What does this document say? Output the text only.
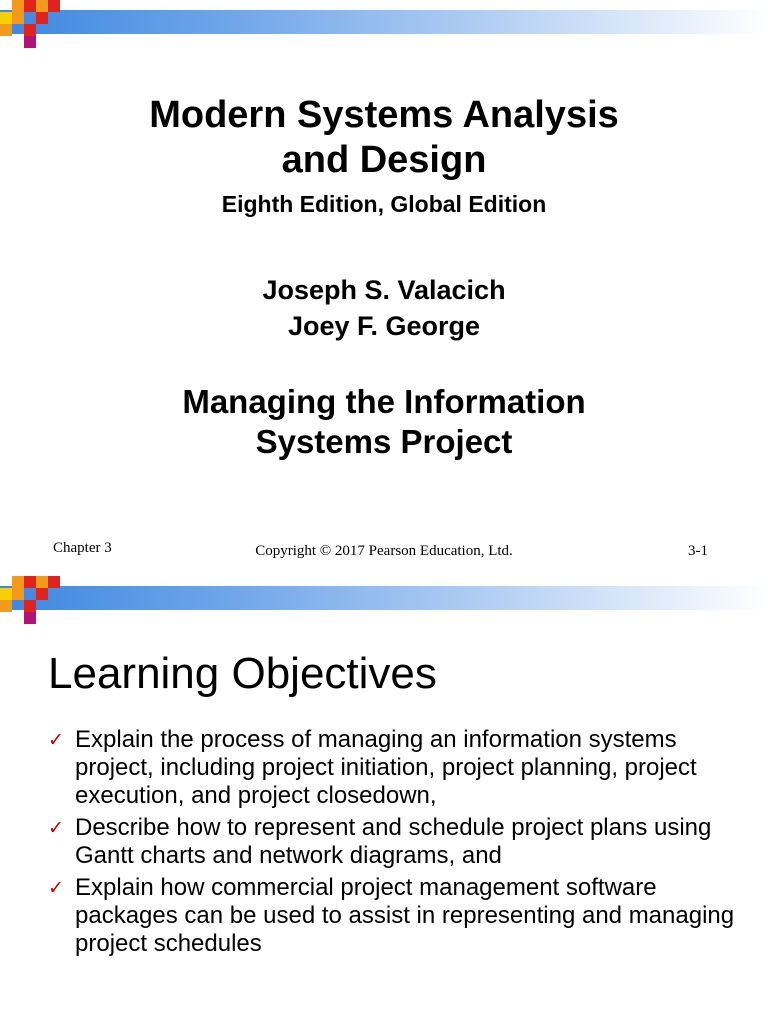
Modern Systems Analysis
and Design
Eighth Edition, Global Edition
Joseph S. Valacich
Joey F. George
Managing the Information
Systems Project
Chapter 3	Copyright © 2017 Pearson Education, Ltd.	3-1
Learning Objectives
✓ Explain the process of managing an information systems project, including project initiation, project planning, project execution, and project closedown,
✓ Describe how to represent and schedule project plans using Gantt charts and network diagrams, and
✓ Explain how commercial project management software packages can be used to assist in representing and managing project schedules
